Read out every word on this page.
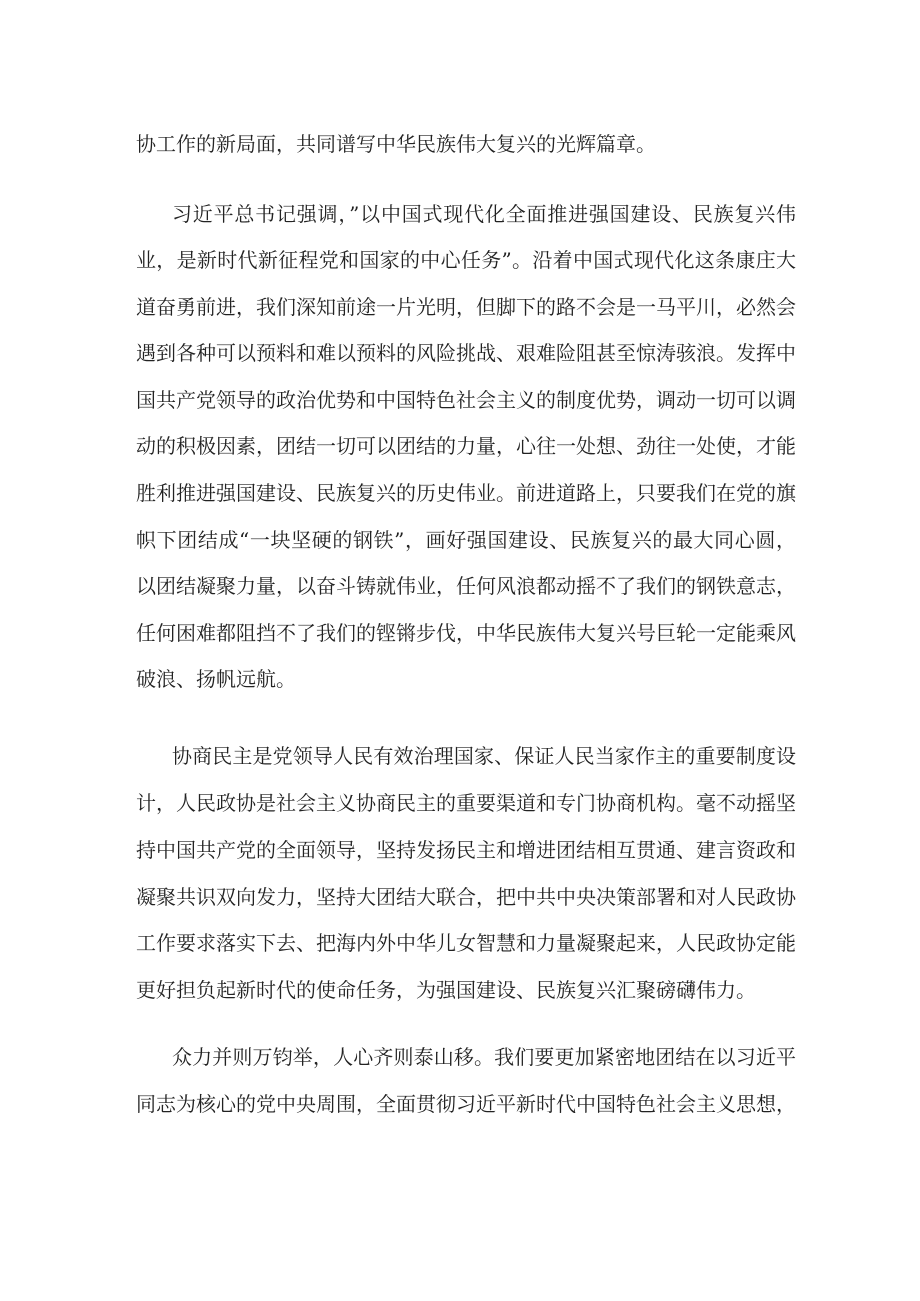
协工作的新局面，共同谱写中华民族伟大复兴的光辉篇章。
习近平总书记强调，”以中国式现代化全面推进强国建设、民族复兴伟
业，是新时代新征程党和国家的中心任务”。沿着中国式现代化这条康庄大
道奋勇前进，我们深知前途一片光明，但脚下的路不会是一马平川，必然会
遇到各种可以预料和难以预料的风险挑战、艰难险阻甚至惊涛骇浪。发挥中
国共产党领导的政治优势和中国特色社会主义的制度优势，调动一切可以调
动的积极因素，团结一切可以团结的力量，心往一处想、劲往一处使，才能
胜利推进强国建设、民族复兴的历史伟业。前进道路上，只要我们在党的旗
帜下团结成“一块坚硬的钢铁”，画好强国建设、民族复兴的最大同心圆，
以团结凝聚力量，以奋斗铸就伟业，任何风浪都动摇不了我们的钢铁意志，
任何困难都阻挡不了我们的铿锵步伐，中华民族伟大复兴号巨轮一定能乘风
破浪、扬帆远航。
协商民主是党领导人民有效治理国家、保证人民当家作主的重要制度设
计，人民政协是社会主义协商民主的重要渠道和专门协商机构。毫不动摇坚
持中国共产党的全面领导，坚持发扬民主和增进团结相互贯通、建言资政和
凝聚共识双向发力，坚持大团结大联合，把中共中央决策部署和对人民政协
工作要求落实下去、把海内外中华儿女智慧和力量凝聚起来，人民政协定能
更好担负起新时代的使命任务，为强国建设、民族复兴汇聚磅礴伟力。
众力并则万钧举，人心齐则泰山移。我们要更加紧密地团结在以习近平
同志为核心的党中央周围，全面贯彻习近平新时代中国特色社会主义思想，
